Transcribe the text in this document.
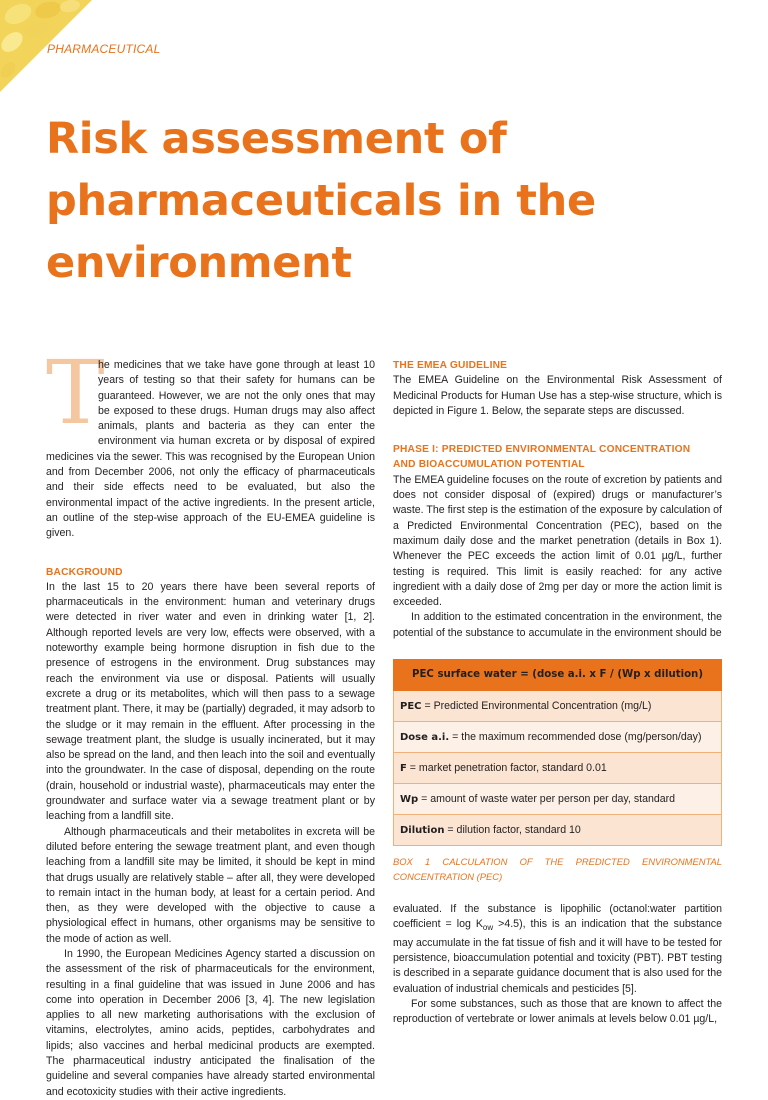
PHARMACEUTICAL
Risk assessment of pharmaceuticals in the environment
T

he medicines that we take have gone through at least 10 years of testing so that their safety for humans can be guaranteed. However, we are not the only ones that may be exposed to these drugs. Human drugs may also affect animals, plants and bacteria as they can enter the environment via human excreta or by disposal of expired medicines via the sewer. This was recognised by the European Union and from December 2006, not only the efficacy of pharmaceuticals and their side effects need to be evaluated, but also the environmental impact of the active ingredients. In the present article, an outline of the step-wise approach of the EU-EMEA guideline is given.

BACKGROUND

In the last 15 to 20 years there have been several reports of pharmaceuticals in the environment: human and veterinary drugs were detected in river water and even in drinking water [1, 2]. Although reported levels are very low, effects were observed, with a noteworthy example being hormone disruption in fish due to the presence of estrogens in the environment. Drug substances may reach the environment via use or disposal. Patients will usually excrete a drug or its metabolites, which will then pass to a sewage treatment plant. There, it may be (partially) degraded, it may adsorb to the sludge or it may remain in the effluent. After processing in the sewage treatment plant, the sludge is usually incinerated, but it may also be spread on the land, and then leach into the soil and eventually into the groundwater. In the case of disposal, depending on the route (drain, household or industrial waste), pharmaceuticals may enter the groundwater and surface water via a sewage treatment plant or by leaching from a landfill site.

Although pharmaceuticals and their metabolites in excreta will be diluted before entering the sewage treatment plant, and even though leaching from a landfill site may be limited, it should be kept in mind that drugs usually are relatively stable – after all, they were developed to remain intact in the human body, at least for a certain period. And then, as they were developed with the objective to cause a physiological effect in humans, other organisms may be sensitive to the mode of action as well.

In 1990, the European Medicines Agency started a discussion on the assessment of the risk of pharmaceuticals for the environment, resulting in a final guideline that was issued in June 2006 and has come into operation in December 2006 [3, 4]. The new legislation applies to all new marketing authorisations with the exclusion of vitamins, electrolytes, amino acids, peptides, carbohydrates and lipids; also vaccines and herbal medicinal products are exempted. The pharmaceutical industry anticipated the finalisation of the guideline and several companies have already started environmental and ecotoxicity studies with their active ingredients.

THE EMEA GUIDELINE

The EMEA Guideline on the Environmental Risk Assessment of Medicinal Products for Human Use has a step-wise structure, which is depicted in Figure 1. Below, the separate steps are discussed.

PHASE I: PREDICTED ENVIRONMENTAL CONCENTRATION
AND BIOACCUMULATION POTENTIAL

The EMEA guideline focuses on the route of excretion by patients and does not consider disposal of (expired) drugs or manufacturer’s waste. The first step is the estimation of the exposure by calculation of a Predicted Environmental Concentration (PEC), based on the maximum daily dose and the market penetration (details in Box 1). Whenever the PEC exceeds the action limit of 0.01 µg/L, further testing is required. This limit is easily reached: for any active ingredient with a daily dose of 2mg per day or more the action limit is exceeded.

In addition to the estimated concentration in the environment, the potential of the substance to accumulate in the environment should be

PEC surface water = (dose a.i. x F / (Wp x dilution)
PEC = Predicted Environmental Concentration (mg/L)
Dose a.i. = the maximum recommended dose (mg/person/day)
F = market penetration factor, standard 0.01
Wp = amount of waste water per person per day, standard
Dilution = dilution factor, standard 10
BOX 1 CALCULATION OF THE PREDICTED ENVIRONMENTAL CONCENTRATION (PEC)

evaluated. If the substance is lipophilic (octanol:water partition coefficient = $\log K_{ow} >4.5$), this is an indication that the substance may accumulate in the fat tissue of fish and it will have to be tested for persistence, bioaccumulation potential and toxicity (PBT). PBT testing is described in a separate guidance document that is also used for the evaluation of industrial chemicals and pesticides [5].

For some substances, such as those that are known to affect the reproduction of vertebrate or lower animals at levels below 0.01 µg/L,
